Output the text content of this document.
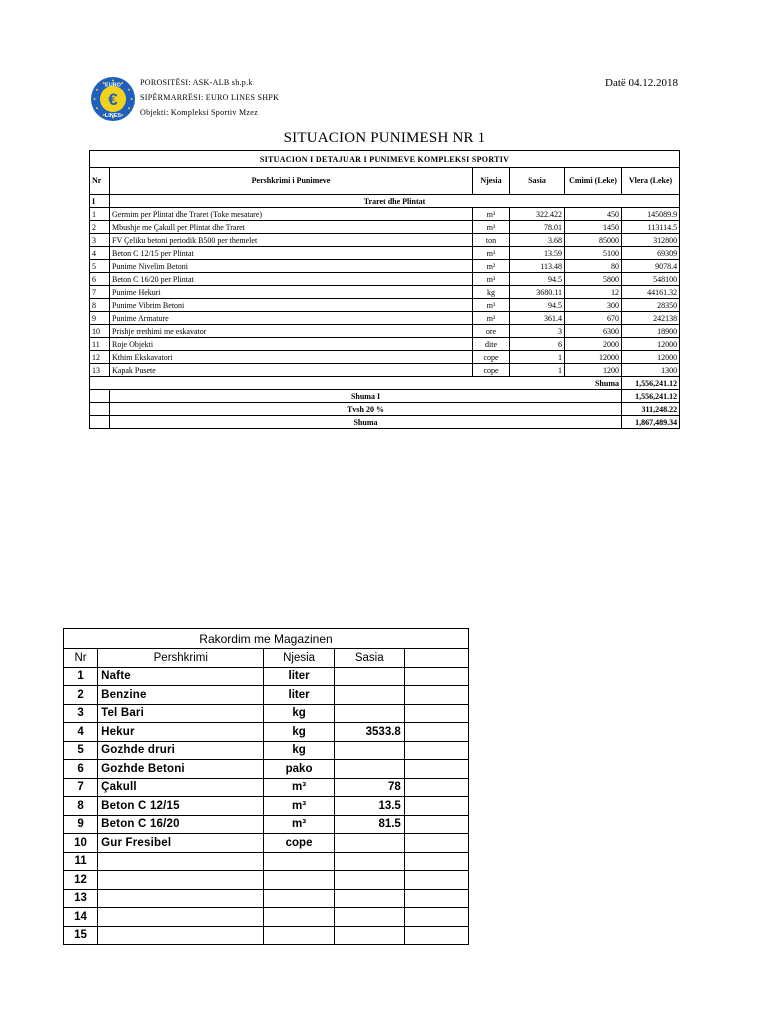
€
EURO
LINES
POROSITËSI: ASK-ALB sh.p.k
SIPËRMARRËSI: EURO LINES SHPK
Objekti: Kompleksi Sportiv Mzez
Datë 04.12.2018
SITUACION PUNIMESH NR 1
SITUACION I DETAJUAR I PUNIMEVE KOMPLEKSI SPORTIV					
Nr	Pershkrimi i Punimeve	Njesia	Sasia	Cmimi (Leke)	Vlera (Leke)
I	Traret dhe Plintat				
1	Germim per Plintat dhe Traret (Toke mesatare)	m³	322.422	450	145089.9
2	Mbushje me Çakull per Plintat dhe Traret	m³	78.01	1450	113114.5
3	FV Çeliku betoni periodik B500 per themelet	ton	3.68	85000	312800
4	Beton C 12/15 per Plintat	m³	13.59	5100	69309
5	Punime Nivelim Betoni	m²	113.48	80	9078.4
6	Beton C 16/20 per Plintat	m³	94.5	5800	548100
7	Punime Hekuri	kg	3680.11	12	44161.32
8	Punime Vibrim Betoni	m³	94.5	300	28350
9	Punime Armature	m²	361.4	670	242138
10	Prishje rrethimi me eskavator	ore	3	6300	18900
11	Roje Objekti	dite	6	2000	12000
12	Kthim Ekskavatori	cope	1	12000	12000
13	Kapak Pusete	cope	1	1200	1300
Shuma					1,556,241.12
	Shuma I				1,556,241.12
	Tvsh 20 %				311,248.22
	Shuma				1,867,489.34
Rakordim me Magazinen				
Nr	Pershkrimi	Njesia	Sasia	
1	Nafte	liter		
2	Benzine	liter		
3	Tel Bari	kg		
4	Hekur	kg	3533.8	
5	Gozhde druri	kg		
6	Gozhde Betoni	pako		
7	Çakull	m³	78	
8	Beton C 12/15	m³	13.5	
9	Beton C 16/20	m³	81.5	
10	Gur Fresibel	cope		
11				
12				
13				
14				
15				
